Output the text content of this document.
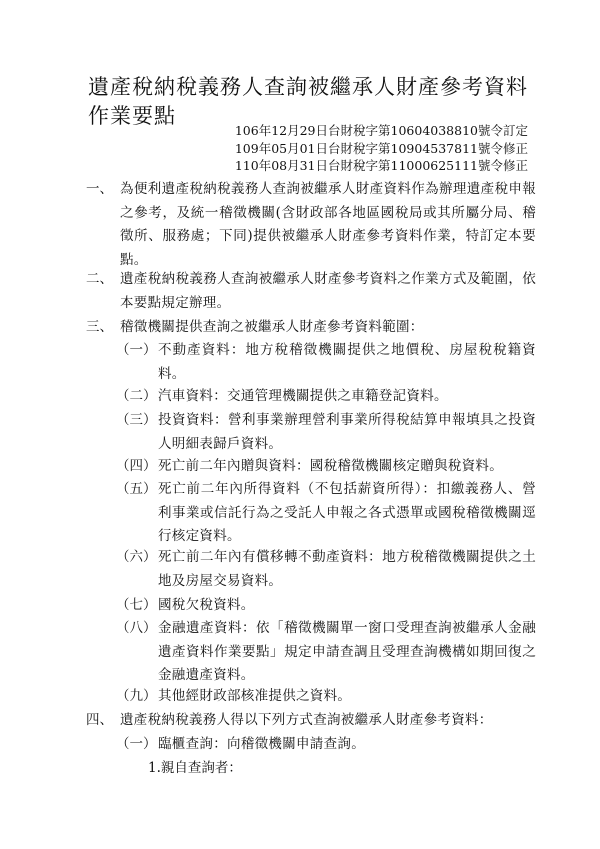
遺產稅納稅義務人查詢被繼承人財產參考資料作業要點
106年12月29日台財稅字第10604038810號令訂定
109年05月01日台財稅字第10904537811號令修正
110年08月31日台財稅字第11000625111號令修正
一、 為便利遺產稅納稅義務人查詢被繼承人財產資料作為辦理遺產稅申報之參考，及統一稽徵機關(含財政部各地區國稅局或其所屬分局、稽徵所、服務處；下同)提供被繼承人財產參考資料作業，特訂定本要點。
二、 遺產稅納稅義務人查詢被繼承人財產參考資料之作業方式及範圍，依本要點規定辦理。
三、 稽徵機關提供查詢之被繼承人財產參考資料範圍：
（一） 不動產資料：地方稅稽徵機關提供之地價稅、房屋稅稅籍資料。
（二） 汽車資料：交通管理機關提供之車籍登記資料。
（三） 投資資料：營利事業辦理營利事業所得稅結算申報填具之投資人明細表歸戶資料。
（四） 死亡前二年內贈與資料：國稅稽徵機關核定贈與稅資料。
（五） 死亡前二年內所得資料（不包括薪資所得）：扣繳義務人、營利事業或信託行為之受託人申報之各式憑單或國稅稽徵機關逕行核定資料。
（六） 死亡前二年內有償移轉不動產資料：地方稅稽徵機關提供之土地及房屋交易資料。
（七） 國稅欠稅資料。
（八） 金融遺產資料：依「稽徵機關單一窗口受理查詢被繼承人金融遺產資料作業要點」規定申請查調且受理查詢機構如期回復之金融遺產資料。
（九） 其他經財政部核准提供之資料。
四、 遺產稅納稅義務人得以下列方式查詢被繼承人財產參考資料：
（一） 臨櫃查詢：向稽徵機關申請查詢。
1.親自查詢者：
